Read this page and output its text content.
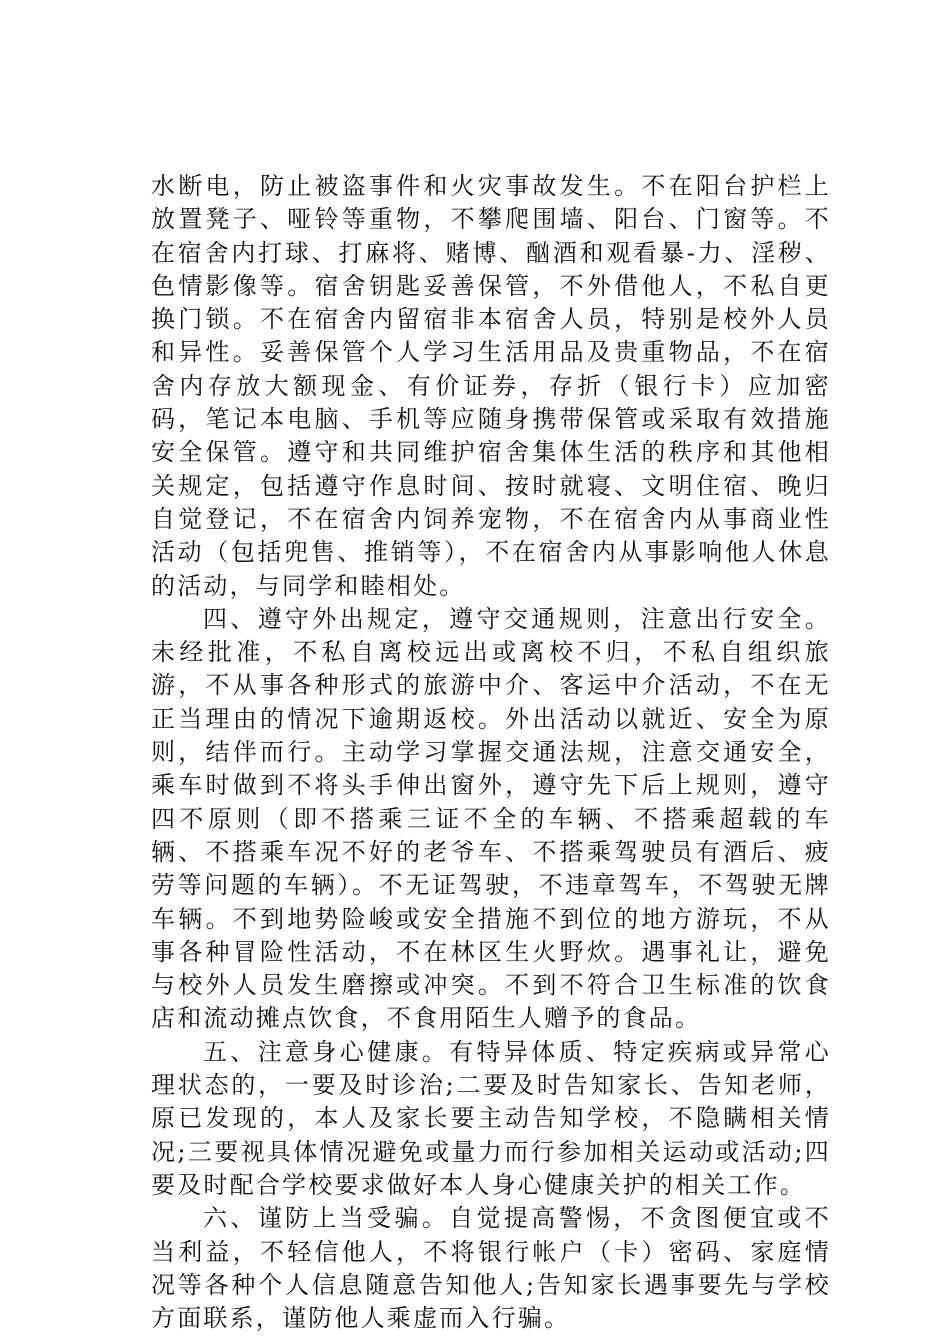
水断电，防止被盗事件和火灾事故发生。不在阳台护栏上放置凳子、哑铃等重物，不攀爬围墙、阳台、门窗等。不在宿舍内打球、打麻将、赌博、酗酒和观看暴-力、淫秽、色情影像等。宿舍钥匙妥善保管，不外借他人，不私自更换门锁。不在宿舍内留宿非本宿舍人员，特别是校外人员和异性。妥善保管个人学习生活用品及贵重物品，不在宿舍内存放大额现金、有价证券，存折（银行卡）应加密码，笔记本电脑、手机等应随身携带保管或采取有效措施安全保管。遵守和共同维护宿舍集体生活的秩序和其他相关规定，包括遵守作息时间、按时就寝、文明住宿、晚归自觉登记，不在宿舍内饲养宠物，不在宿舍内从事商业性活动（包括兜售、推销等），不在宿舍内从事影响他人休息的活动，与同学和睦相处。

四、遵守外出规定，遵守交通规则，注意出行安全。未经批准，不私自离校远出或离校不归，不私自组织旅游，不从事各种形式的旅游中介、客运中介活动，不在无正当理由的情况下逾期返校。外出活动以就近、安全为原则，结伴而行。主动学习掌握交通法规，注意交通安全，乘车时做到不将头手伸出窗外，遵守先下后上规则，遵守四不原则（即不搭乘三证不全的车辆、不搭乘超载的车辆、不搭乘车况不好的老爷车、不搭乘驾驶员有酒后、疲劳等问题的车辆）。不无证驾驶，不违章驾车，不驾驶无牌车辆。不到地势险峻或安全措施不到位的地方游玩，不从事各种冒险性活动，不在林区生火野炊。遇事礼让，避免与校外人员发生磨擦或冲突。不到不符合卫生标准的饮食店和流动摊点饮食，不食用陌生人赠予的食品。

五、注意身心健康。有特异体质、特定疾病或异常心理状态的，一要及时诊治;二要及时告知家长、告知老师，原已发现的，本人及家长要主动告知学校，不隐瞒相关情况;三要视具体情况避免或量力而行参加相关运动或活动;四要及时配合学校要求做好本人身心健康关护的相关工作。

六、谨防上当受骗。自觉提高警惕，不贪图便宜或不当利益，不轻信他人，不将银行帐户（卡）密码、家庭情况等各种个人信息随意告知他人;告知家长遇事要先与学校方面联系，谨防他人乘虚而入行骗。
